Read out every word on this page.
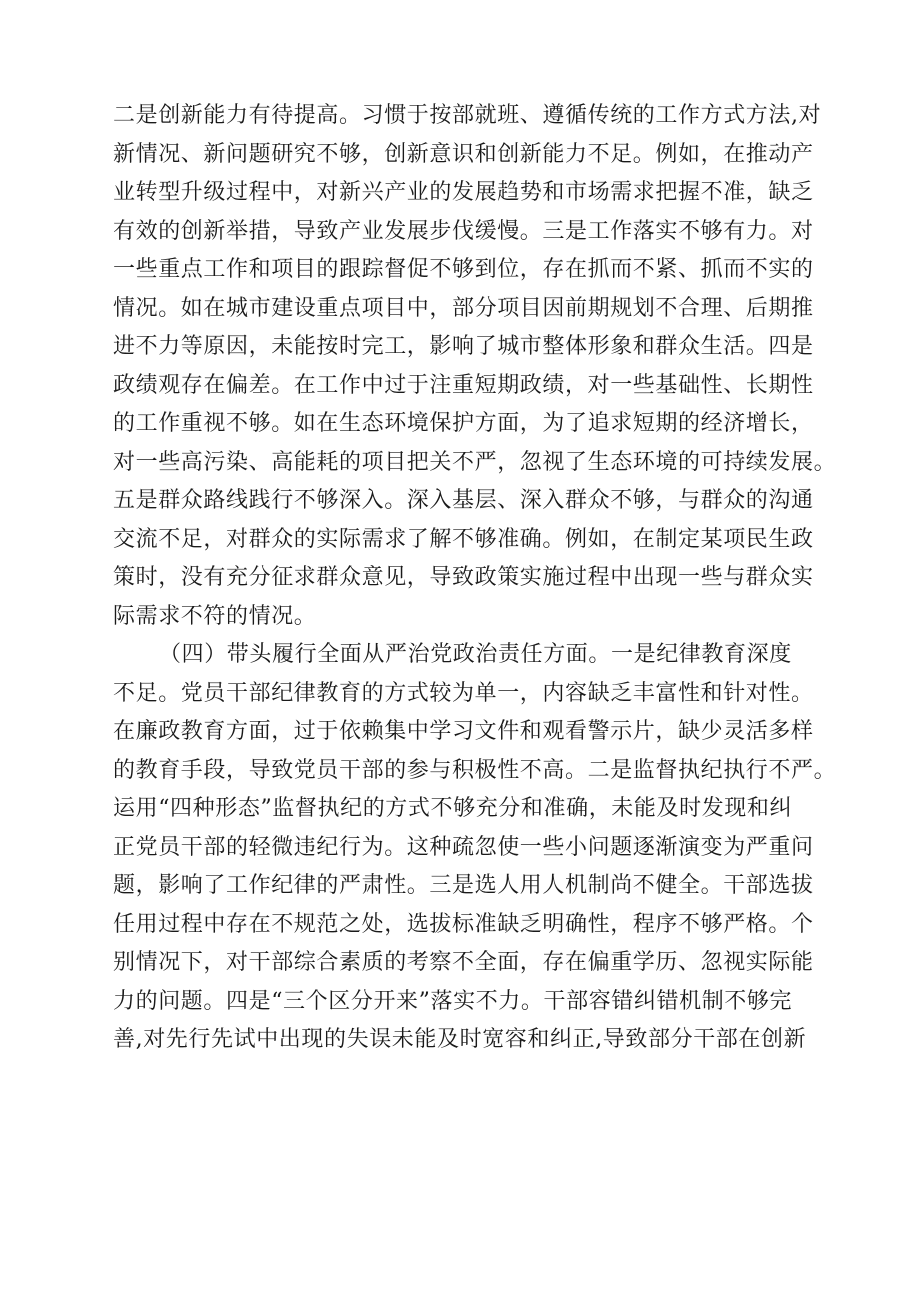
二是创新能力有待提高。习惯于按部就班、遵循传统的工作方式方法,对
新情况、新问题研究不够，创新意识和创新能力不足。例如，在推动产
业转型升级过程中，对新兴产业的发展趋势和市场需求把握不准，缺乏
有效的创新举措，导致产业发展步伐缓慢。三是工作落实不够有力。对
一些重点工作和项目的跟踪督促不够到位，存在抓而不紧、抓而不实的
情况。如在城市建设重点项目中，部分项目因前期规划不合理、后期推
进不力等原因，未能按时完工，影响了城市整体形象和群众生活。四是
政绩观存在偏差。在工作中过于注重短期政绩，对一些基础性、长期性
的工作重视不够。如在生态环境保护方面，为了追求短期的经济增长，
对一些高污染、高能耗的项目把关不严，忽视了生态环境的可持续发展。
五是群众路线践行不够深入。深入基层、深入群众不够，与群众的沟通
交流不足，对群众的实际需求了解不够准确。例如，在制定某项民生政
策时，没有充分征求群众意见，导致政策实施过程中出现一些与群众实
际需求不符的情况。
（四）带头履行全面从严治党政治责任方面。一是纪律教育深度
不足。党员干部纪律教育的方式较为单一，内容缺乏丰富性和针对性。
在廉政教育方面，过于依赖集中学习文件和观看警示片，缺少灵活多样
的教育手段，导致党员干部的参与积极性不高。二是监督执纪执行不严。
运用“四种形态”监督执纪的方式不够充分和准确，未能及时发现和纠
正党员干部的轻微违纪行为。这种疏忽使一些小问题逐渐演变为严重问
题，影响了工作纪律的严肃性。三是选人用人机制尚不健全。干部选拔
任用过程中存在不规范之处，选拔标准缺乏明确性，程序不够严格。个
别情况下，对干部综合素质的考察不全面，存在偏重学历、忽视实际能
力的问题。四是“三个区分开来”落实不力。干部容错纠错机制不够完
善,对先行先试中出现的失误未能及时宽容和纠正,导致部分干部在创新
